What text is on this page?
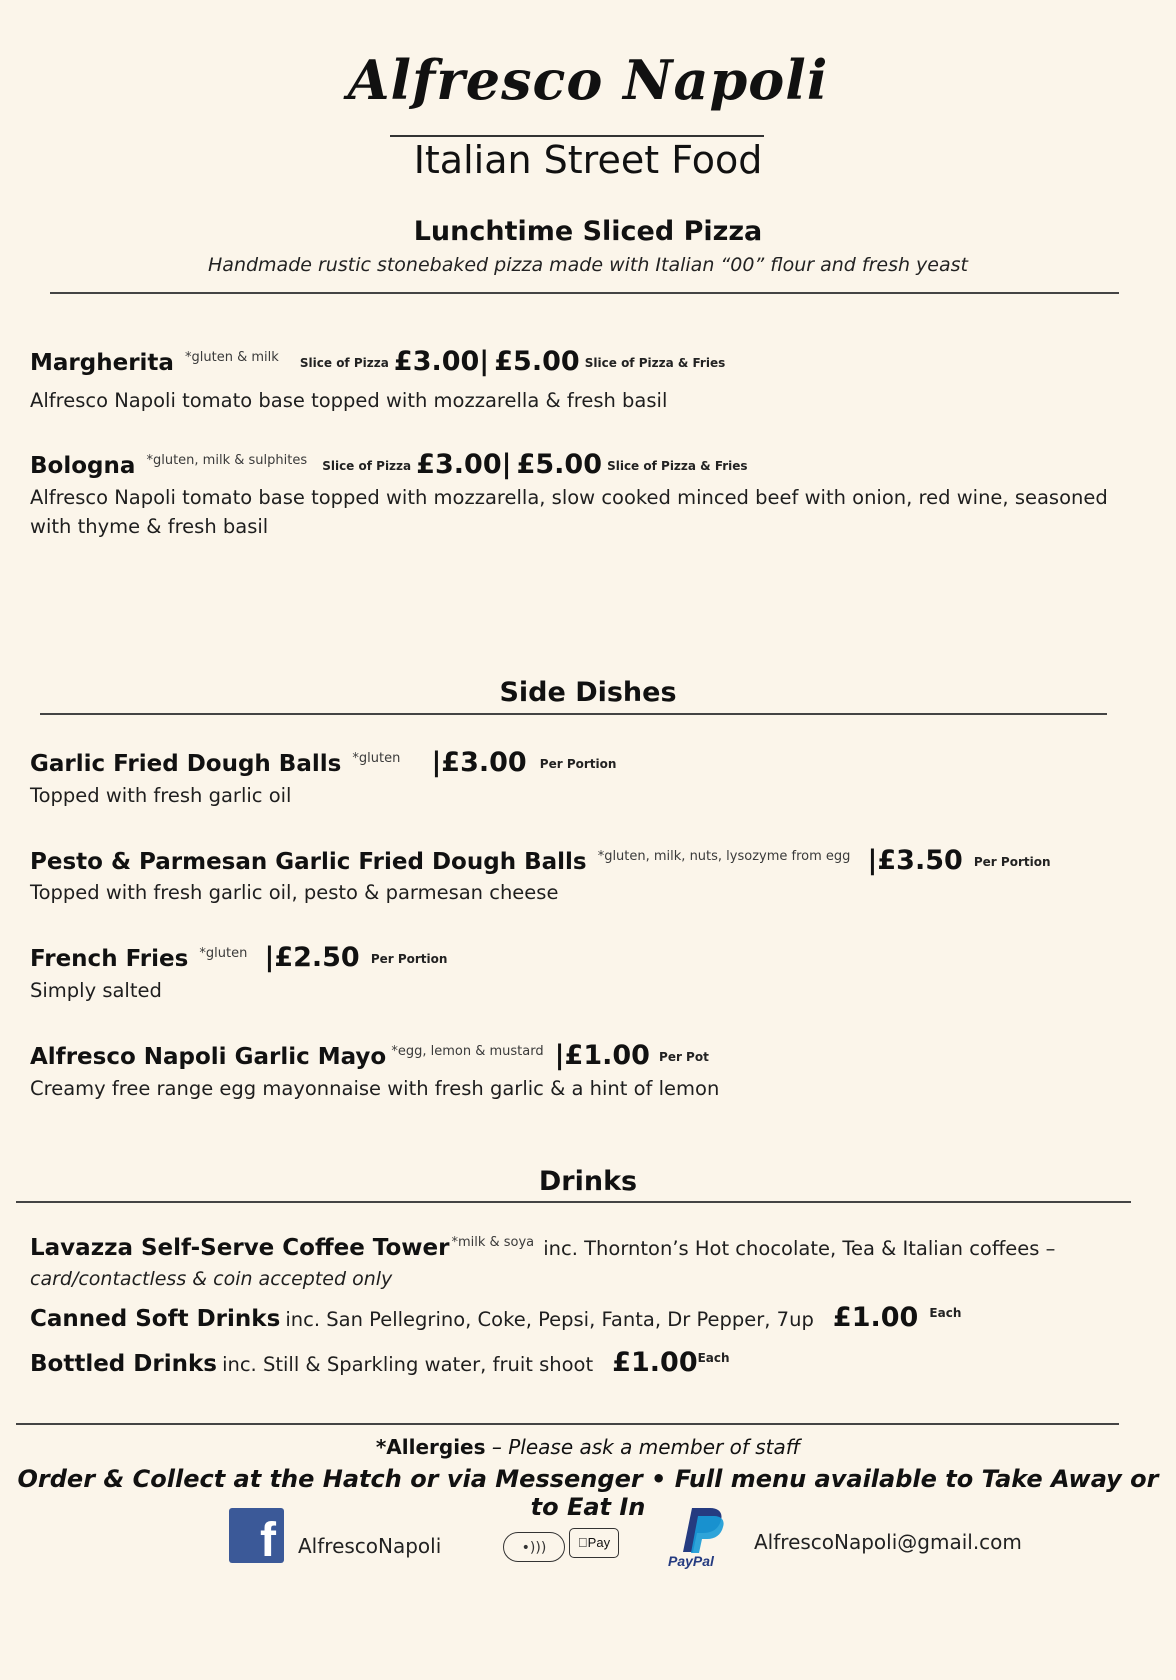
Alfresco Napoli
Italian Street Food
Lunchtime Sliced Pizza
Handmade rustic stonebaked pizza made with Italian “00” flour and fresh yeast
Margherita $^{*gluten \& milk}$ Slice of Pizza £3.00| £5.00 Slice of Pizza & Fries
Alfresco Napoli tomato base topped with mozzarella & fresh basil
Bologna $^{*gluten, milk \& sulphites}$ Slice of Pizza £3.00| £5.00 Slice of Pizza & Fries
Alfresco Napoli tomato base topped with mozzarella, slow cooked minced beef with onion, red wine, seasoned with thyme & fresh basil
Side Dishes
Garlic Fried Dough Balls $^{*gluten}$ |£3.00 Per Portion
Topped with fresh garlic oil
Pesto & Parmesan Garlic Fried Dough Balls $^{*gluten, milk, nuts, lysozyme from egg}$ |£3.50 Per Portion
Topped with fresh garlic oil, pesto & parmesan cheese
French Fries $^{*gluten}$ |£2.50 Per Portion
Simply salted
Alfresco Napoli Garlic Mayo $^{*egg, lemon \& mustard}$ |£1.00 Per Pot
Creamy free range egg mayonnaise with fresh garlic & a hint of lemon
Drinks
Lavazza Self-Serve Coffee Tower $^{*milk \& soya}$ inc. Thornton’s Hot chocolate, Tea & Italian coffees –
card/contactless & coin accepted only
Canned Soft Drinks inc. San Pellegrino, Coke, Pepsi, Fanta, Dr Pepper, 7up £1.00 $^{Each}$
Bottled Drinks inc. Still & Sparkling water, fruit shoot $£1.00^{Each}$
*Allergies – Please ask a member of staff
Order & Collect at the Hatch or via Messenger • Full menu available to Take Away or to Eat In
f	AlfrescoNapoli	•)))	Pay
PayPal
AlfrescoNapoli@gmail.com
